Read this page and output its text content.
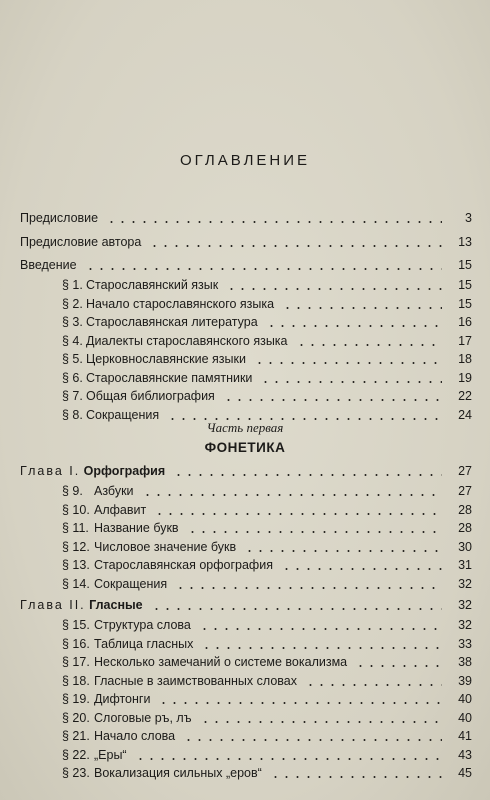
ОГЛАВЛЕНИЕ
Предисловие	3
Предисловие автора	13
Введение	15
§ 1. Старославянский язык	15
§ 2. Начало старославянского языка	15
§ 3. Старославянская литература	16
§ 4. Диалекты старославянского языка	17
§ 5. Церковнославянские языки	18
§ 6. Старославянские памятники	19
§ 7. Общая библиография	22
§ 8. Сокращения	24
Часть первая
ФОНЕТИКА
Глава I. Орфография	27
§ 9. Азбуки	27
§ 10. Алфавит	28
§ 11. Название букв	28
§ 12. Числовое значение букв	30
§ 13. Старославянская орфография	31
§ 14. Сокращения	32
Глава II. Гласные	32
§ 15. Структура слова	32
§ 16. Таблица гласных	33
§ 17. Несколько замечаний о системе вокализма	38
§ 18. Гласные в заимствованных словах	39
§ 19. Дифтонги	40
§ 20. Слоговые ръ, лъ	40
§ 21. Начало слова	41
§ 22. „Еры“	43
§ 23. Вокализация сильных „еров“	45
